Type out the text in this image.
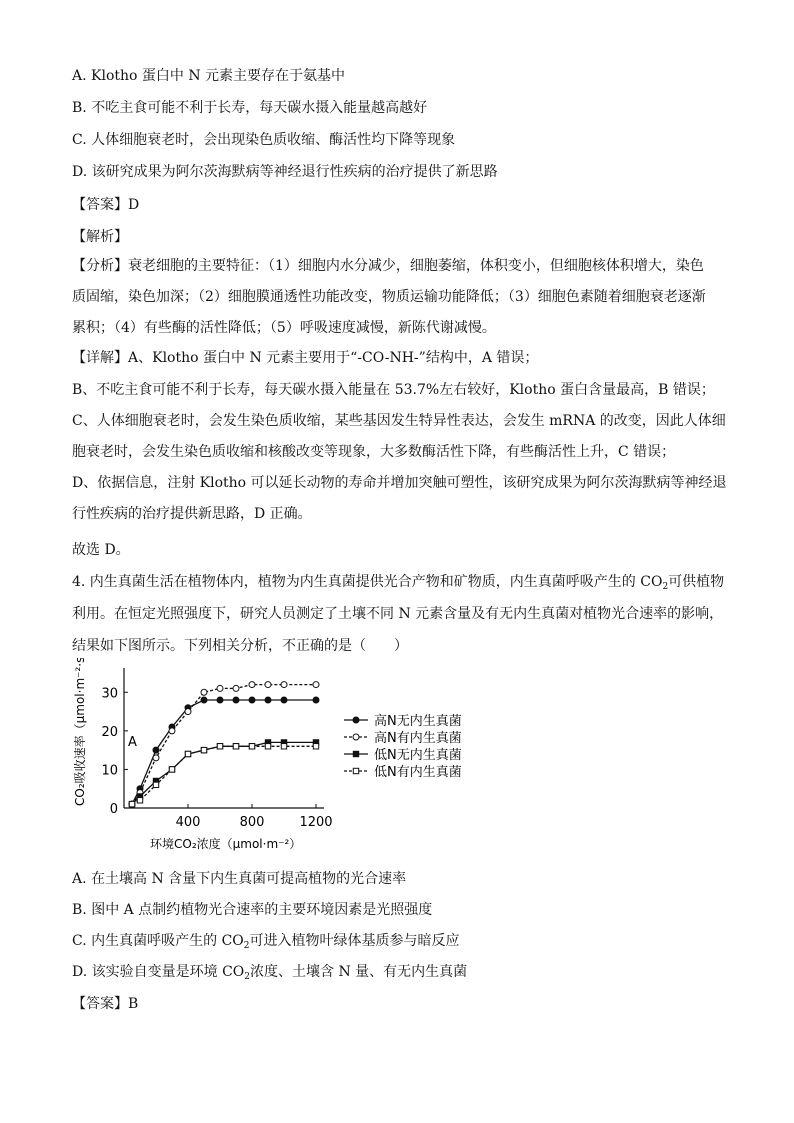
A. Klotho 蛋白中 N 元素主要存在于氨基中
B. 不吃主食可能不利于长寿，每天碳水摄入能量越高越好
C. 人体细胞衰老时，会出现染色质收缩、酶活性均下降等现象
D. 该研究成果为阿尔茨海默病等神经退行性疾病的治疗提供了新思路
【答案】D
【解析】
【分析】衰老细胞的主要特征：（1）细胞内水分减少，细胞萎缩，体积变小，但细胞核体积增大，染色
质固缩，染色加深；（2）细胞膜通透性功能改变，物质运输功能降低；（3）细胞色素随着细胞衰老逐渐
累积；（4）有些酶的活性降低；（5）呼吸速度减慢，新陈代谢减慢。
【详解】A、Klotho 蛋白中 N 元素主要用于“-CO-NH-”结构中，A 错误；
B、不吃主食可能不利于长寿，每天碳水摄入能量在 53.7%左右较好，Klotho 蛋白含量最高，B 错误；
C、人体细胞衰老时，会发生染色质收缩，某些基因发生特异性表达，会发生 mRNA 的改变，因此人体细
胞衰老时，会发生染色质收缩和核酸改变等现象，大多数酶活性下降，有些酶活性上升，C 错误；
D、依据信息，注射 Klotho 可以延长动物的寿命并增加突触可塑性，该研究成果为阿尔茨海默病等神经退
行性疾病的治疗提供新思路，D 正确。
故选 D。
4. 内生真菌生活在植物体内，植物为内生真菌提供光合产物和矿物质，内生真菌呼吸产生的 $CO_2$可供植物
利用。在恒定光照强度下，研究人员测定了土壤不同 N 元素含量及有无内生真菌对植物光合速率的影响，
结果如下图所示。下列相关分析，不正确的是（　　）
0
10
20
30
400	800	1200
高N无内生真菌
高N有内生真菌
低N无内生真菌
低N有内生真菌
CO₂吸收速率（μmol·m⁻²·s⁻¹）
环境CO₂浓度（μmol·m⁻²）
A
A. 在土壤高 N 含量下内生真菌可提高植物的光合速率
B. 图中 A 点制约植物光合速率的主要环境因素是光照强度
C. 内生真菌呼吸产生的 $CO_2$可进入植物叶绿体基质参与暗反应
D. 该实验自变量是环境 $CO_2$浓度、土壤含 N 量、有无内生真菌
【答案】B
